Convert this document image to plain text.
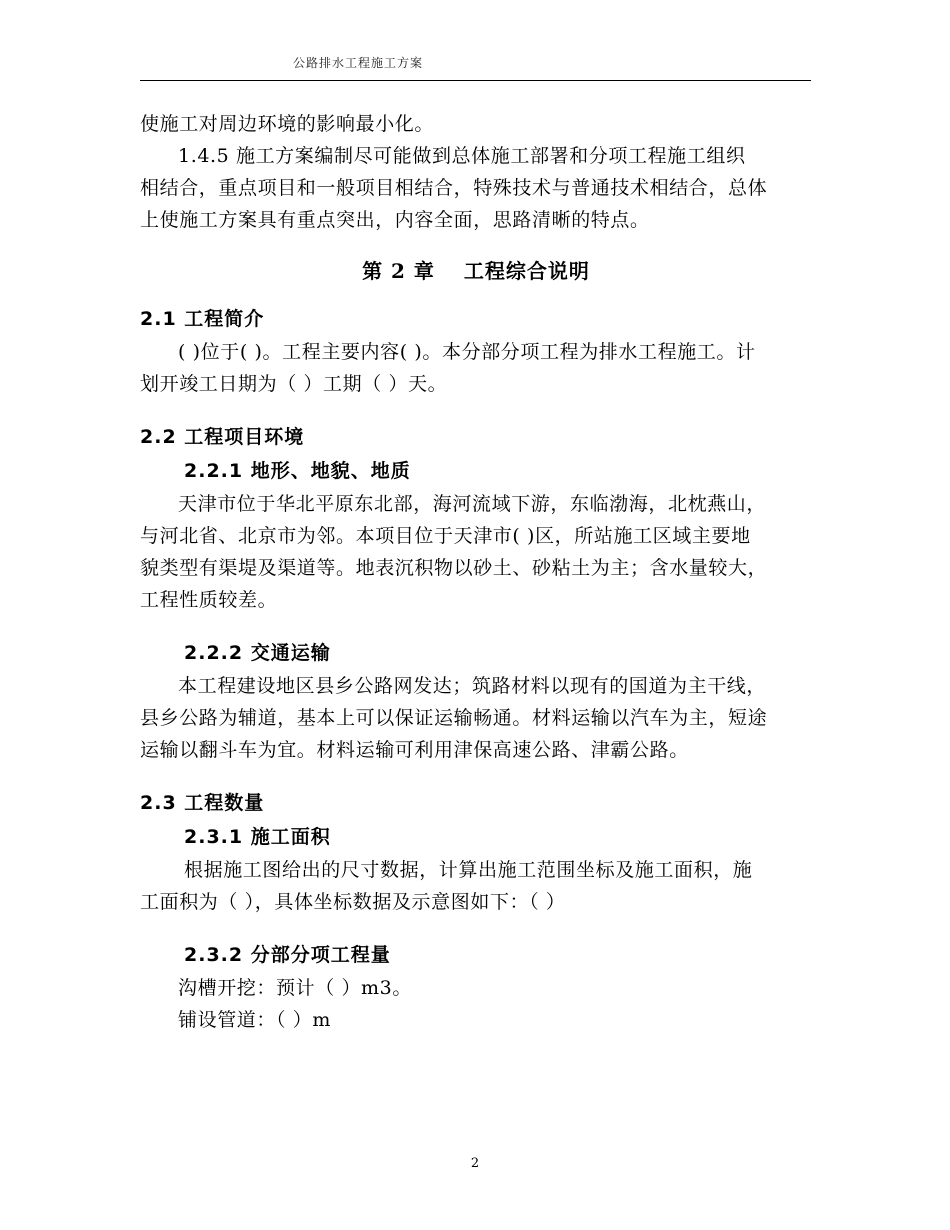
公路排水工程施工方案
使施工对周边环境的影响最小化。
1.4.5 施工方案编制尽可能做到总体施工部署和分项工程施工组织
相结合，重点项目和一般项目相结合，特殊技术与普通技术相结合，总体
上使施工方案具有重点突出，内容全面，思路清晰的特点。
第 2 章　 工程综合说明
2.1 工程简介
( )位于( )。工程主要内容( )。本分部分项工程为排水工程施工。计
划开竣工日期为（ ）工期（ ）天。
2.2 工程项目环境
2.2.1 地形、地貌、地质
天津市位于华北平原东北部，海河流域下游，东临渤海，北枕燕山，
与河北省、北京市为邻。本项目位于天津市( )区，所站施工区域主要地
貌类型有渠堤及渠道等。地表沉积物以砂土、砂粘土为主；含水量较大，
工程性质较差。
2.2.2 交通运输
本工程建设地区县乡公路网发达；筑路材料以现有的国道为主干线，
县乡公路为辅道，基本上可以保证运输畅通。材料运输以汽车为主，短途
运输以翻斗车为宜。材料运输可利用津保高速公路、津霸公路。
2.3 工程数量
2.3.1 施工面积
根据施工图给出的尺寸数据，计算出施工范围坐标及施工面积，施
工面积为（ ），具体坐标数据及示意图如下：（ ）
2.3.2 分部分项工程量
沟槽开挖：预计（ ）m3。
铺设管道：（ ）m
2
